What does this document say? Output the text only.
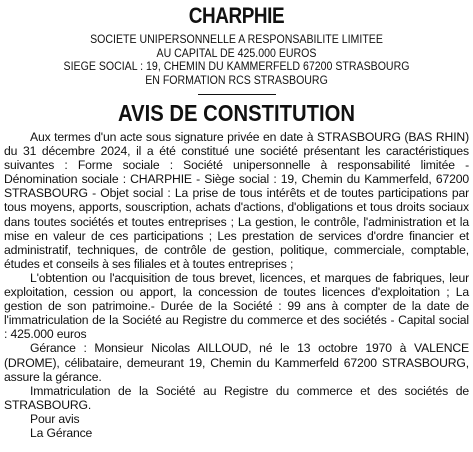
CHARPHIE
SOCIETE UNIPERSONNELLE A RESPONSABILITE LIMITEE
AU CAPITAL DE 425.000 EUROS
SIEGE SOCIAL : 19, CHEMIN DU KAMMERFELD 67200 STRASBOURG
EN FORMATION RCS STRASBOURG
AVIS DE CONSTITUTION

Aux termes d'un acte sous signature privée en date à STRASBOURG (BAS RHIN) du 31 décembre 2024, il a été constitué une société présentant les caractéristiques suivantes : Forme sociale : Société unipersonnelle à responsabilité limitée - Dénomination sociale : CHARPHIE - Siège social : 19, Chemin du Kammerfeld, 67200 STRASBOURG - Objet social : La prise de tous intérêts et de toutes participations par tous moyens, apports, souscription, achats d'actions, d'obligations et tous droits sociaux dans toutes sociétés et toutes entreprises ; La gestion, le contrôle, l'administration et la mise en valeur de ces participations ; Les prestation de services d'ordre financier et administratif, techniques, de contrôle de gestion, politique, commerciale, comptable, études et conseils à ses filiales et à toutes entreprises ;

L'obtention ou l'acquisition de tous brevet, licences, et marques de fabriques, leur exploitation, cession ou apport, la concession de toutes licences d'exploitation ; La gestion de son patrimoine.- Durée de la Société : 99 ans à compter de la date de l'immatriculation de la Société au Registre du commerce et des sociétés - Capital social : 425.000 euros

Gérance : Monsieur Nicolas AILLOUD, né le 13 octobre 1970 à VALENCE (DROME), célibataire, demeurant 19, Chemin du Kammerfeld 67200 STRASBOURG, assure la gérance.

Immatriculation de la Société au Registre du commerce et des sociétés de STRASBOURG.

Pour avis

La Gérance
